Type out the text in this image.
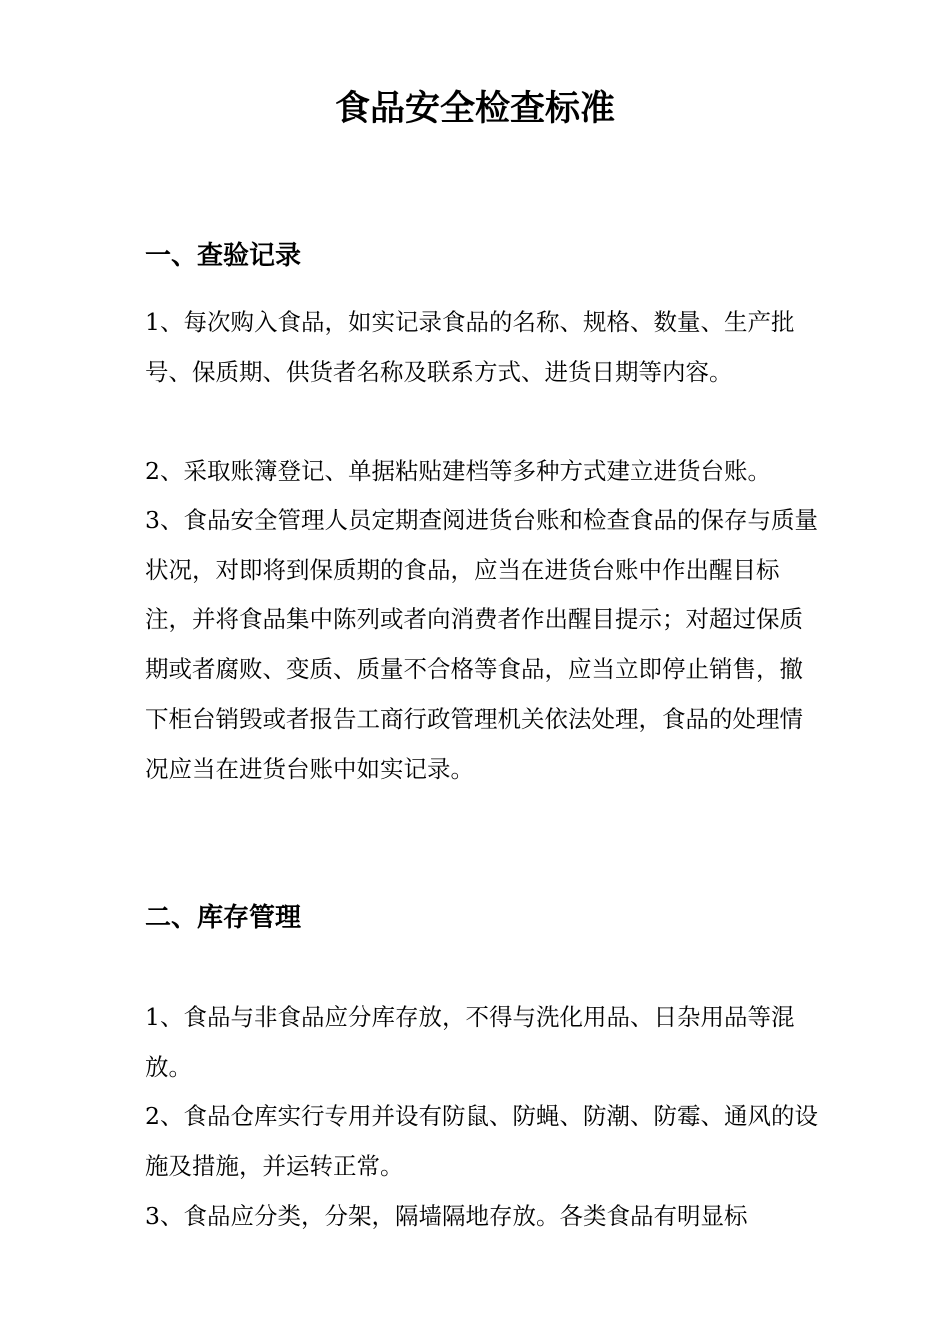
食品安全检查标准
一、查验记录

1、每次购入食品，如实记录食品的名称、规格、数量、生产批号、保质期、供货者名称及联系方式、进货日期等内容。

2、采取账簿登记、单据粘贴建档等多种方式建立进货台账。

3、食品安全管理人员定期查阅进货台账和检查食品的保存与质量状况，对即将到保质期的食品，应当在进货台账中作出醒目标注，并将食品集中陈列或者向消费者作出醒目提示；对超过保质期或者腐败、变质、质量不合格等食品，应当立即停止销售，撤下柜台销毁或者报告工商行政管理机关依法处理，食品的处理情况应当在进货台账中如实记录。

二、库存管理

1、食品与非食品应分库存放，不得与洗化用品、日杂用品等混放。

2、食品仓库实行专用并设有防鼠、防蝇、防潮、防霉、通风的设施及措施，并运转正常。

3、食品应分类，分架，隔墙隔地存放。各类食品有明显标
